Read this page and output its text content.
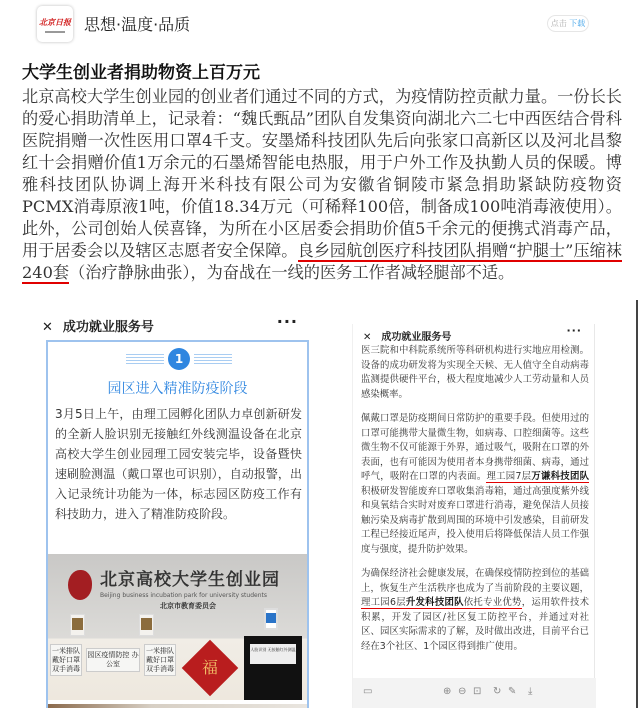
北京日报 思想·温度·品质	点击 下载
大学生创业者捐助物资上百万元
北京高校大学生创业园的创业者们通过不同的方式，为疫情防控贡献力量。一份长长的爱心捐助清单上，记录着：“魏氏甄品”团队自发集资向湖北六二七中西医结合骨科医院捐赠一次性医用口罩4千支。安墨烯科技团队先后向张家口高新区以及河北昌黎红十会捐赠价值1万余元的石墨烯智能电热服，用于户外工作及执勤人员的保暖。博雅科技团队协调上海开米科技有限公司为安徽省铜陵市紧急捐助紧缺防疫物资PCMX消毒原液1吨，价值18.34万元（可稀释100倍，制备成100吨消毒液使用）。此外，公司创始人侯喜锋，为所在小区居委会捐助价值5千余元的便携式消毒产品，用于居委会以及辖区志愿者安全保障。良乡园航创医疗科技团队捐赠“护腿士”压缩袜240套（治疗静脉曲张），为奋战在一线的医务工作者减轻腿部不适。
✕ 成功就业服务号	···
1
园区进入精准防疫阶段
3月5日上午，由理工园孵化团队力卓创新研发的全新人脸识别无接触红外线测温设备在北京高校大学生创业园理工园安装完毕，设备暨快速刷脸测温（戴口罩也可识别），自动报警，出入记录统计功能为一体，标志园区防疫工作有科技助力，进入了精准防疫阶段。
北京高校大学生创业园
Beijing business incubation park for university students
北京市教育委员会
一米排队 戴好口罩 双手消毒
园区疫情防控 办公室
一米排队 戴好口罩 双手消毒	福
人脸识别 无接触红外测温
✕ 成功就业服务号
···

医三院和中科院系统所等科研机构进行实地应用检测。设备的成功研发将为实现全天候、无人值守全自动病毒监测提供硬件平台，极大程度地减少人工劳动量和人员感染概率。

佩戴口罩是防疫期间日常防护的重要手段。但使用过的口罩可能携带大量微生物，如病毒、口腔细菌等。这些微生物不仅可能源于外界，通过吸气，吸附在口罩的外表面，也有可能因为使用者本身携带细菌、病毒，通过呼气，吸附在口罩的内表面。理工园7层万谦科技团队积极研发智能废弃口罩收集消毒箱，通过高强度紫外线和臭氧结合实时对废弃口罩进行消毒，避免保洁人员接触污染及病毒扩散到周围的环境中引发感染，目前研发工程已经接近尾声，投入使用后将降低保洁人员工作强度与强度，提升防护效果。

为确保经济社会健康发展，在确保疫情防控到位的基础上，恢复生产生活秩序也成为了当前阶段的主要议题，理工园6层升发科技团队依托专业优势，运用软件技术积累，开发了园区/社区复工防控平台，并通过对社区、园区实际需求的了解，及时做出改进，目前平台已经在3个社区、1个园区得到推广使用。

▭	⊕ ⊖ ⊡ ↻ ✎ ⤓
